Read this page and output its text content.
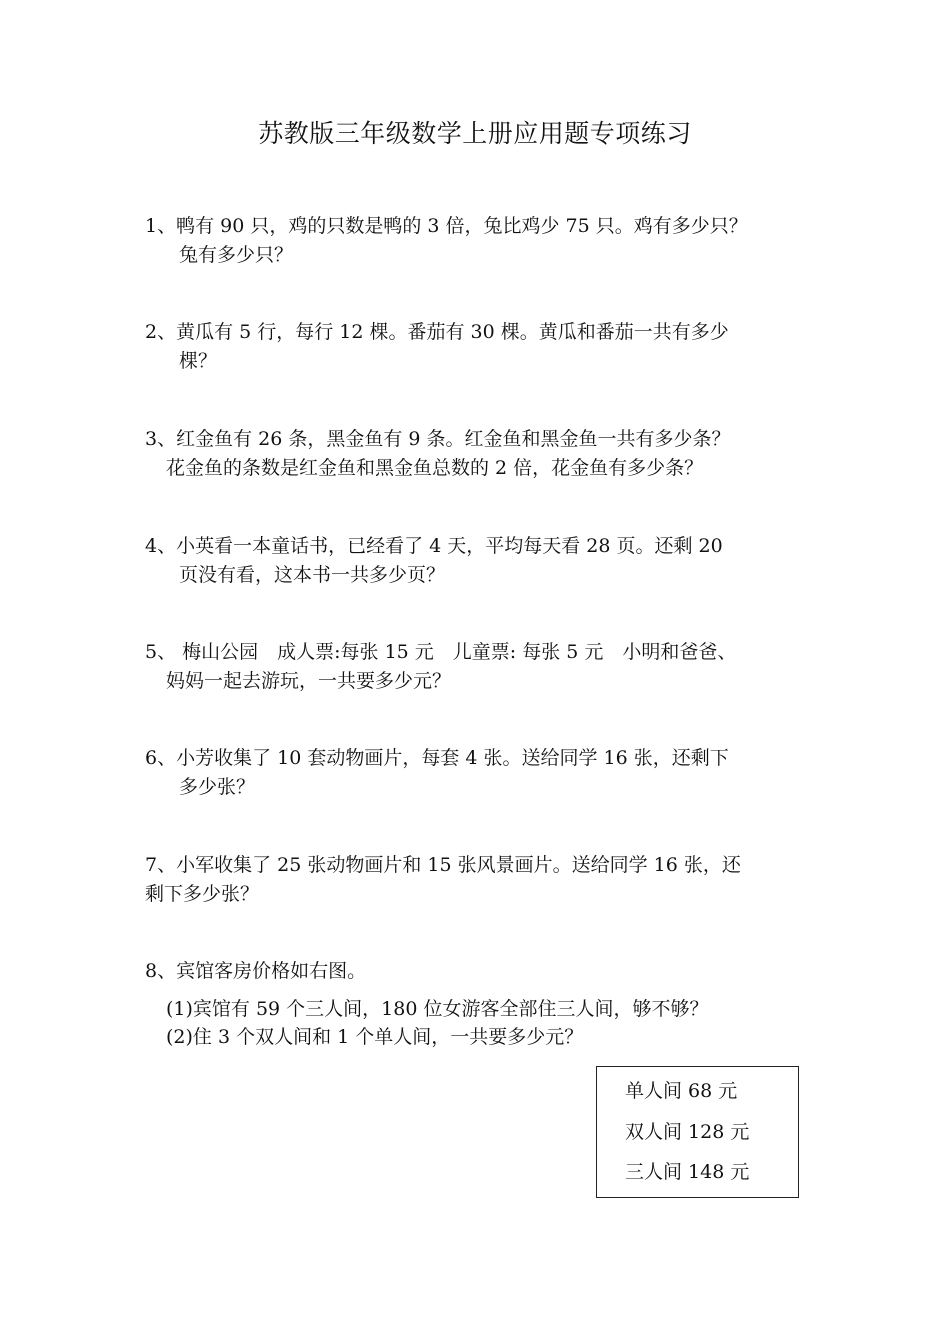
苏教版三年级数学上册应用题专项练习
1、鸭有 90 只，鸡的只数是鸭的 3 倍，兔比鸡少 75 只。鸡有多少只？
兔有多少只？
2、黄瓜有 5 行，每行 12 棵。番茄有 30 棵。黄瓜和番茄一共有多少
棵？
3、红金鱼有 26 条，黑金鱼有 9 条。红金鱼和黑金鱼一共有多少条？
花金鱼的条数是红金鱼和黑金鱼总数的 2 倍，花金鱼有多少条？
4、小英看一本童话书，已经看了 4 天，平均每天看 28 页。还剩 20
页没有看，这本书一共多少页？
5、 梅山公园　成人票:每张 15 元　儿童票: 每张 5 元　小明和爸爸、
妈妈一起去游玩，一共要多少元？
6、小芳收集了 10 套动物画片，每套 4 张。送给同学 16 张，还剩下
多少张？
7、小军收集了 25 张动物画片和 15 张风景画片。送给同学 16 张，还
剩下多少张？
8、宾馆客房价格如右图。
(1)宾馆有 59 个三人间，180 位女游客全部住三人间，够不够？
(2)住 3 个双人间和 1 个单人间，一共要多少元？
单人间 68 元
双人间 128 元
三人间 148 元
